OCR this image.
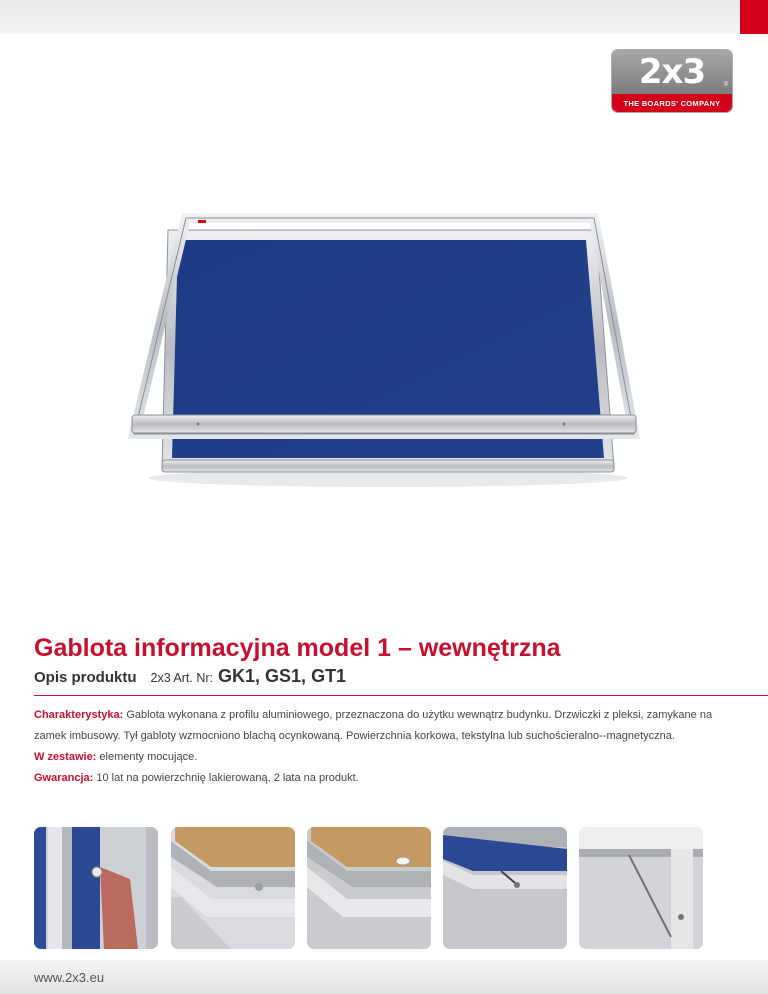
2x3	®
THE BOARDS' COMPANY
Gablota informacyjna model 1 – wewnętrzna
Opis produktu 2x3 Art. Nr: GK1, GS1, GT1

Charakterystyka: Gablota wykonana z profilu aluminiowego, przeznaczona do użytku wewnątrz budynku. Drzwiczki z pleksi, zamykane na zamek imbusowy. Tył gabloty wzmocniono blachą ocynkowaną. Powierzchnia korkowa, tekstylna lub suchościeralno--magnetyczna.

W zestawie: elementy mocujące.

Gwarancja: 10 lat na powierzchnię lakierowaną, 2 lata na produkt.

www.2x3.eu
